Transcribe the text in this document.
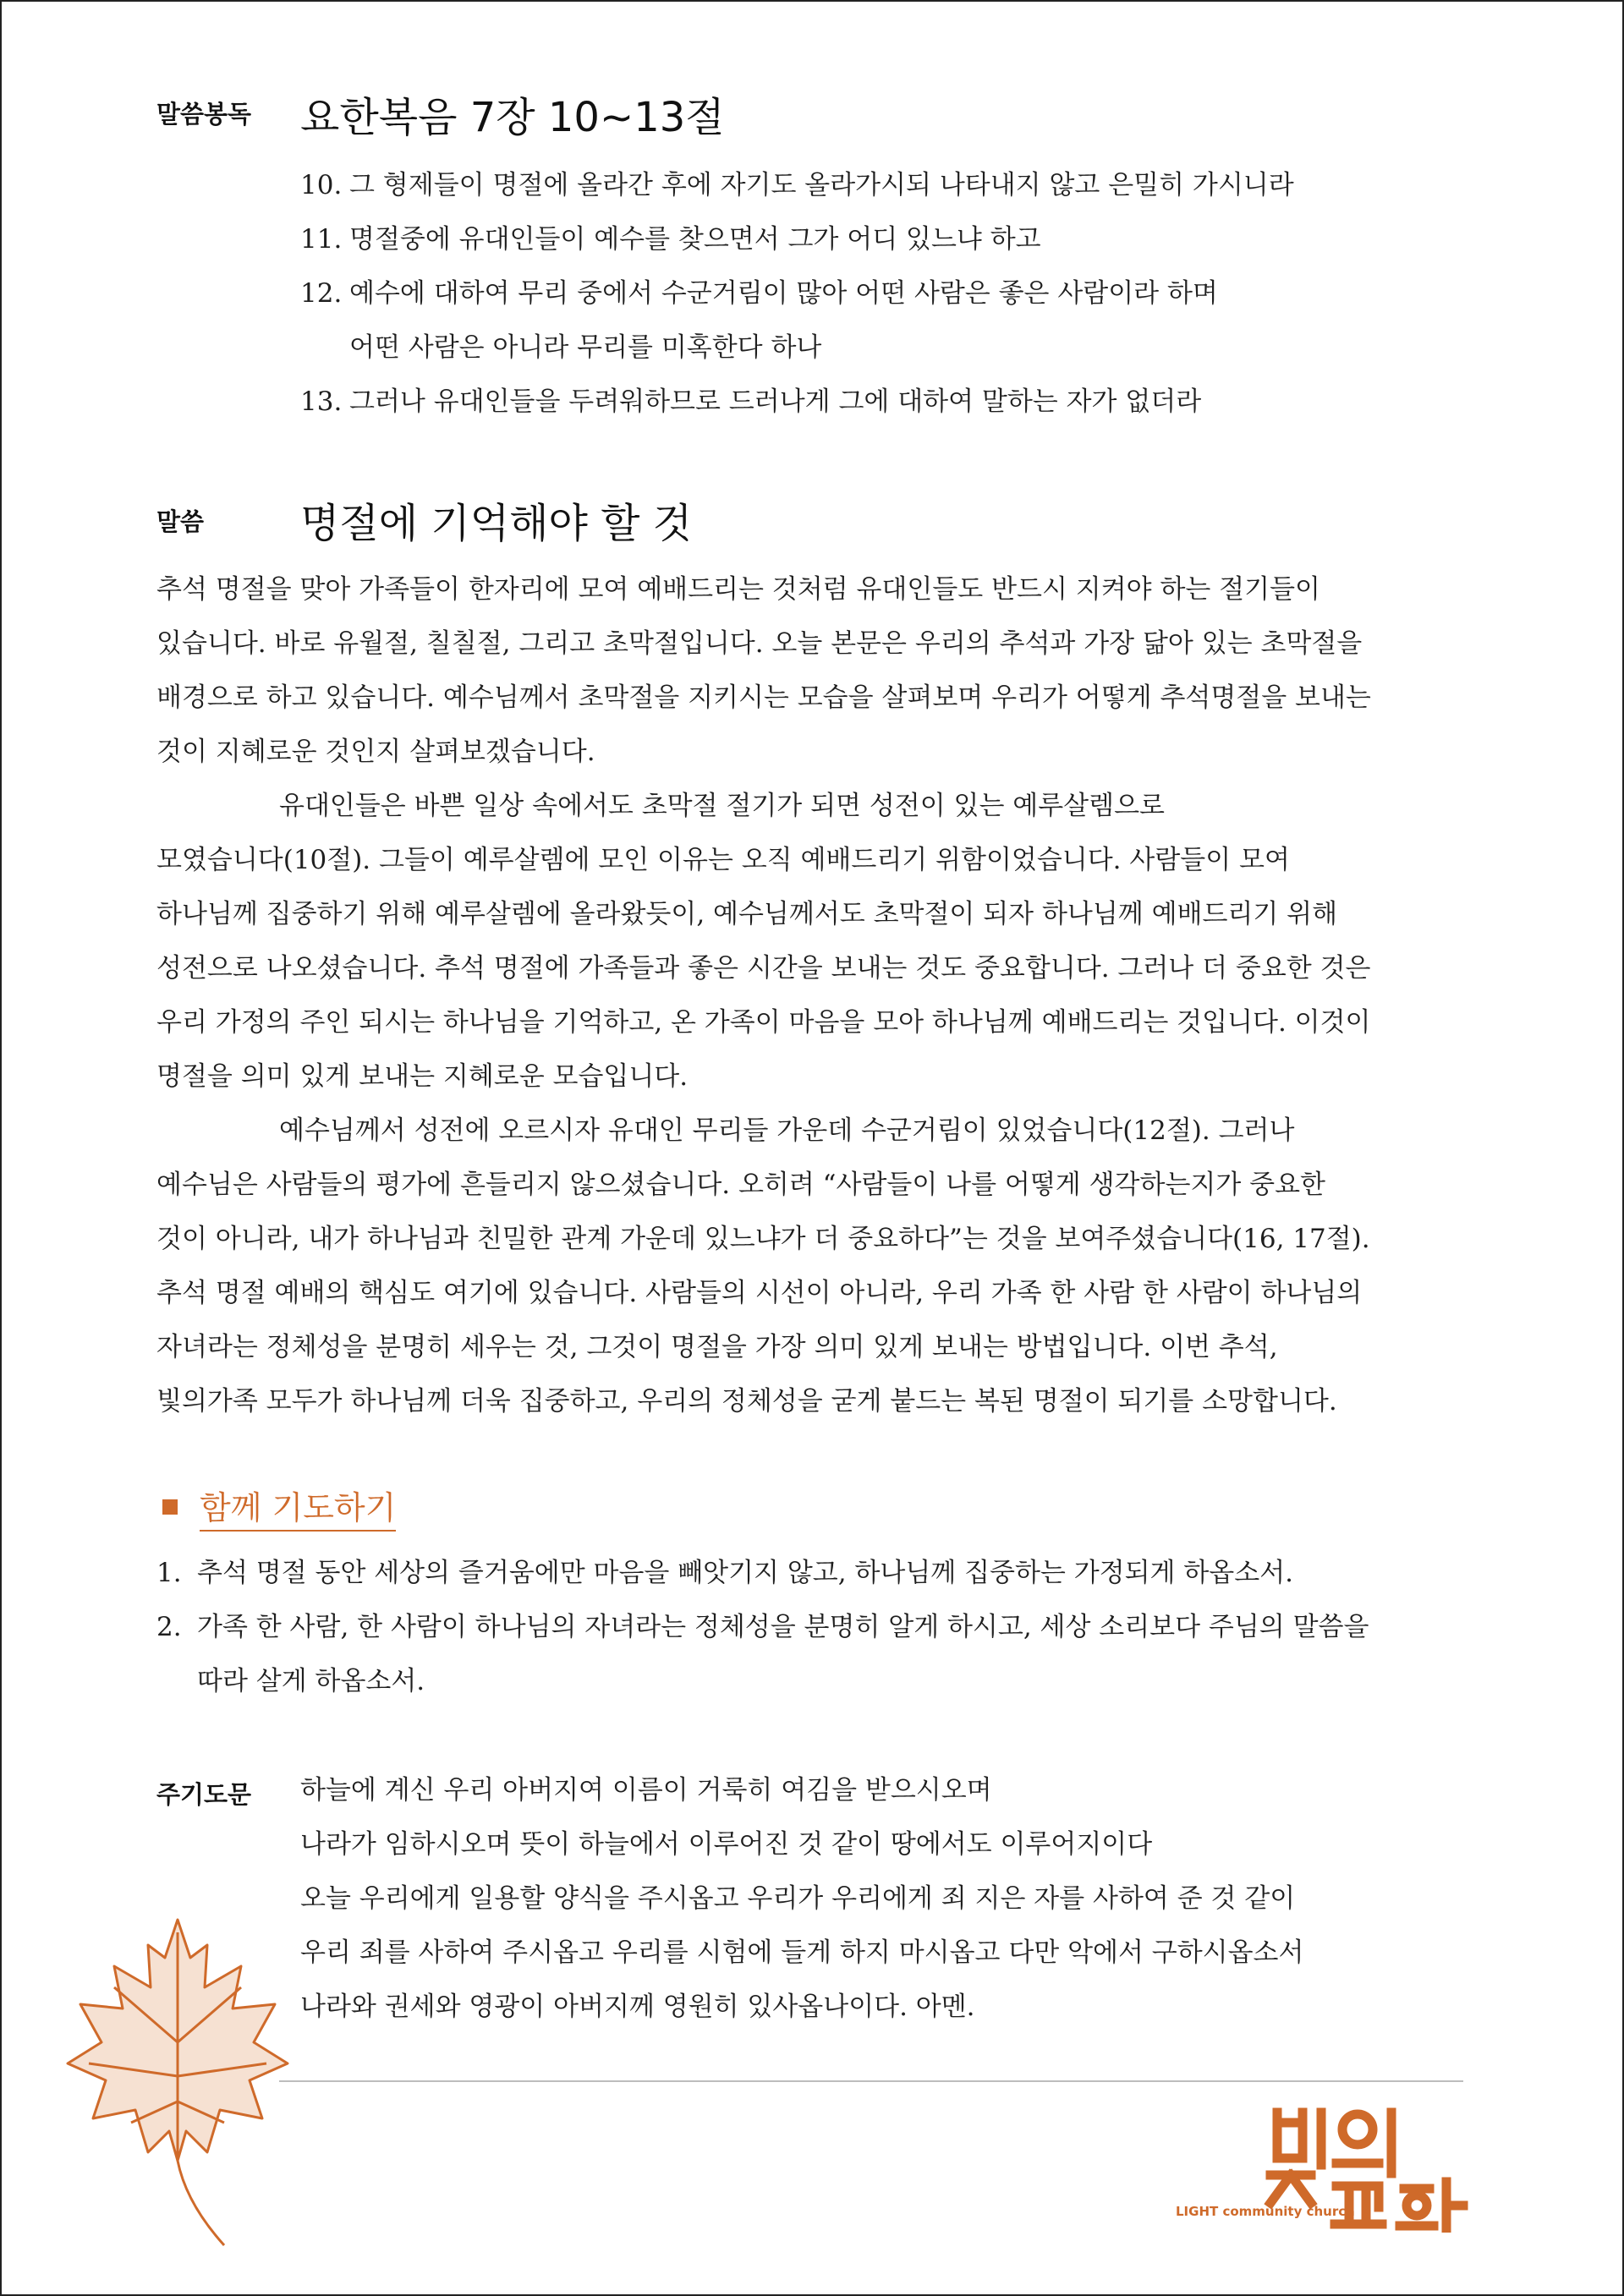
말씀봉독 요한복음 7장 10~13절
10. 그 형제들이 명절에 올라간 후에 자기도 올라가시되 나타내지 않고 은밀히 가시니라
11. 명절중에 유대인들이 예수를 찾으면서 그가 어디 있느냐 하고
12. 예수에 대하여 무리 중에서 수군거림이 많아 어떤 사람은 좋은 사람이라 하며
어떤 사람은 아니라 무리를 미혹한다 하나
13. 그러나 유대인들을 두려워하므로 드러나게 그에 대하여 말하는 자가 없더라
말씀 명절에 기억해야 할 것
추석 명절을 맞아 가족들이 한자리에 모여 예배드리는 것처럼 유대인들도 반드시 지켜야 하는 절기들이
있습니다. 바로 유월절, 칠칠절, 그리고 초막절입니다. 오늘 본문은 우리의 추석과 가장 닮아 있는 초막절을
배경으로 하고 있습니다. 예수님께서 초막절을 지키시는 모습을 살펴보며 우리가 어떻게 추석명절을 보내는
것이 지혜로운 것인지 살펴보겠습니다.
유대인들은 바쁜 일상 속에서도 초막절 절기가 되면 성전이 있는 예루살렘으로
모였습니다(10절). 그들이 예루살렘에 모인 이유는 오직 예배드리기 위함이었습니다. 사람들이 모여
하나님께 집중하기 위해 예루살렘에 올라왔듯이, 예수님께서도 초막절이 되자 하나님께 예배드리기 위해
성전으로 나오셨습니다. 추석 명절에 가족들과 좋은 시간을 보내는 것도 중요합니다. 그러나 더 중요한 것은
우리 가정의 주인 되시는 하나님을 기억하고, 온 가족이 마음을 모아 하나님께 예배드리는 것입니다. 이것이
명절을 의미 있게 보내는 지혜로운 모습입니다.
예수님께서 성전에 오르시자 유대인 무리들 가운데 수군거림이 있었습니다(12절). 그러나
예수님은 사람들의 평가에 흔들리지 않으셨습니다. 오히려 “사람들이 나를 어떻게 생각하는지가 중요한
것이 아니라, 내가 하나님과 친밀한 관계 가운데 있느냐가 더 중요하다”는 것을 보여주셨습니다(16, 17절).
추석 명절 예배의 핵심도 여기에 있습니다. 사람들의 시선이 아니라, 우리 가족 한 사람 한 사람이 하나님의
자녀라는 정체성을 분명히 세우는 것, 그것이 명절을 가장 의미 있게 보내는 방법입니다. 이번 추석,
빛의가족 모두가 하나님께 더욱 집중하고, 우리의 정체성을 굳게 붙드는 복된 명절이 되기를 소망합니다.
함께 기도하기
1. 추석 명절 동안 세상의 즐거움에만 마음을 빼앗기지 않고, 하나님께 집중하는 가정되게 하옵소서.
2. 가족 한 사람, 한 사람이 하나님의 자녀라는 정체성을 분명히 알게 하시고, 세상 소리보다 주님의 말씀을
따라 살게 하옵소서.
주기도문 하늘에 계신 우리 아버지여 이름이 거룩히 여김을 받으시오며
나라가 임하시오며 뜻이 하늘에서 이루어진 것 같이 땅에서도 이루어지이다
오늘 우리에게 일용할 양식을 주시옵고 우리가 우리에게 죄 지은 자를 사하여 준 것 같이
우리 죄를 사하여 주시옵고 우리를 시험에 들게 하지 마시옵고 다만 악에서 구하시옵소서
나라와 권세와 영광이 아버지께 영원히 있사옵나이다. 아멘.
LIGHT community church
